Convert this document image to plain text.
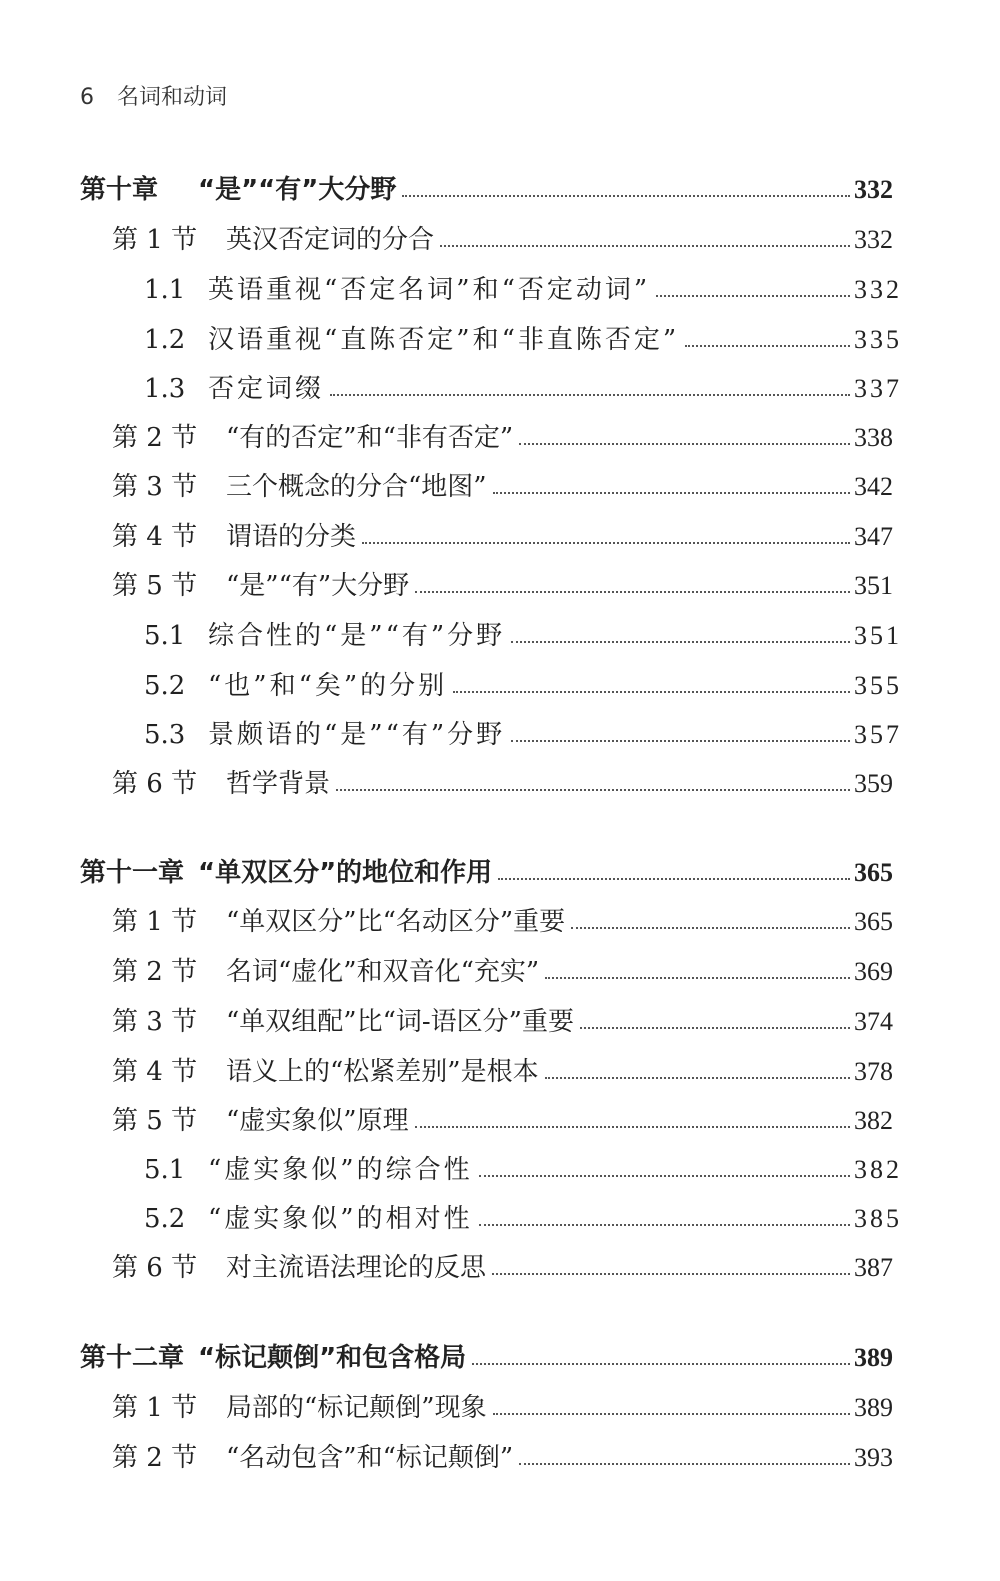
6 名词和动词
第十章 “是”“有”大分野	332
第 1 节 英汉否定词的分合	332
1.1 英语重视“否定名词”和“否定动词”	332
1.2 汉语重视“直陈否定”和“非直陈否定”	335
1.3 否定词缀	337
第 2 节 “有的否定”和“非有否定”	338
第 3 节 三个概念的分合“地图”	342
第 4 节 谓语的分类	347
第 5 节 “是”“有”大分野	351
5.1 综合性的“是”“有”分野	351
5.2 “也”和“矣”的分别	355
5.3 景颇语的“是”“有”分野	357
第 6 节 哲学背景	359
第十一章 “单双区分”的地位和作用	365
第 1 节 “单双区分”比“名动区分”重要	365
第 2 节 名词“虚化”和双音化“充实”	369
第 3 节 “单双组配”比“词-语区分”重要	374
第 4 节 语义上的“松紧差别”是根本	378
第 5 节 “虚实象似”原理	382
5.1 “虚实象似”的综合性	382
5.2 “虚实象似”的相对性	385
第 6 节 对主流语法理论的反思	387
第十二章 “标记颠倒”和包含格局	389
第 1 节 局部的“标记颠倒”现象	389
第 2 节 “名动包含”和“标记颠倒”	393
